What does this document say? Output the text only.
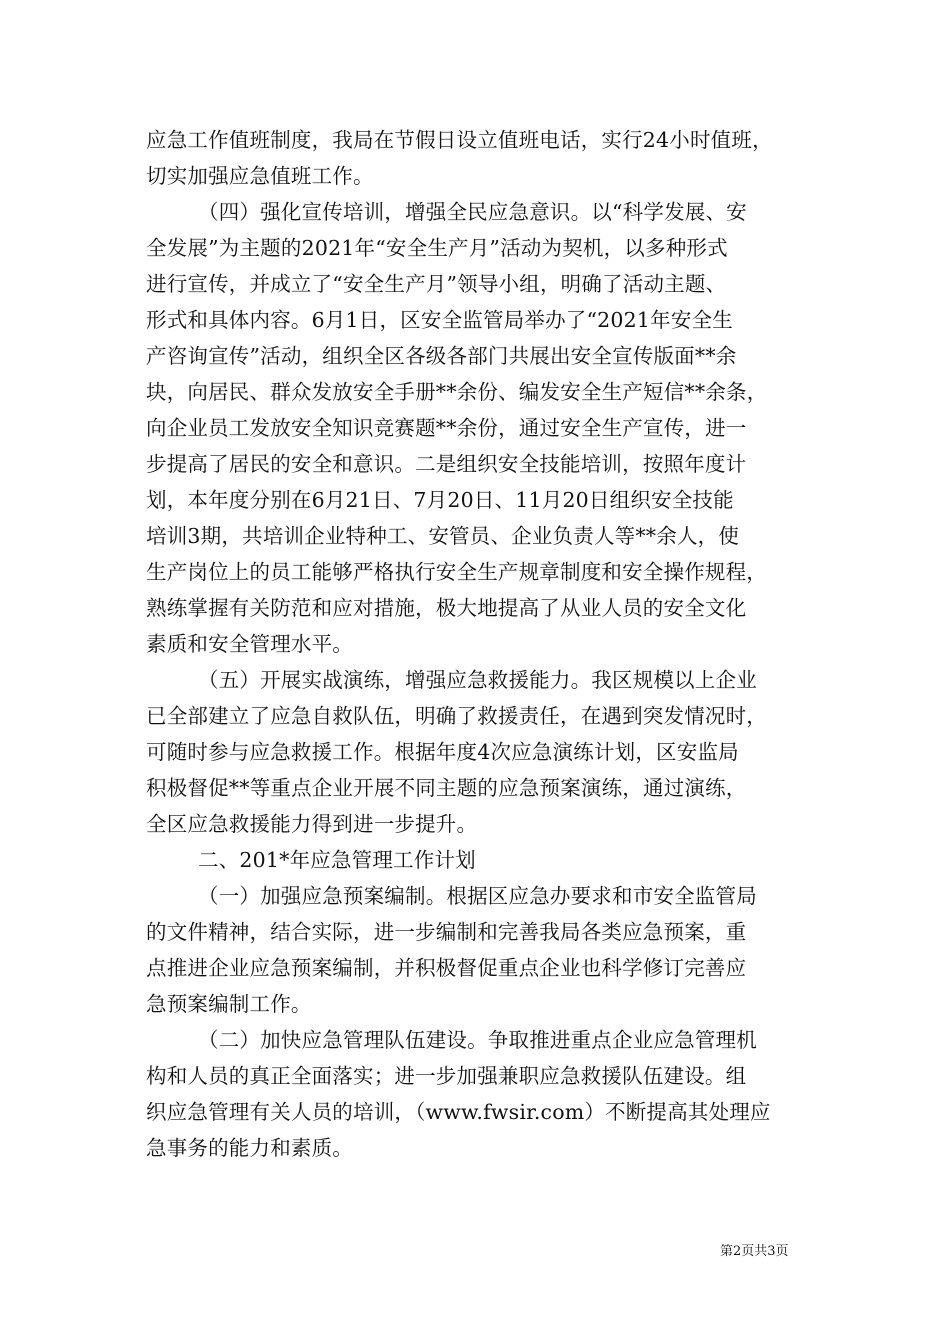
应急工作值班制度，我局在节假日设立值班电话，实行24小时值班，
切实加强应急值班工作。
（四）强化宣传培训，增强全民应急意识。以“科学发展、安
全发展”为主题的2021年“安全生产月”活动为契机，以多种形式
进行宣传，并成立了“安全生产月”领导小组，明确了活动主题、
形式和具体内容。6月1日，区安全监管局举办了“2021年安全生
产咨询宣传”活动，组织全区各级各部门共展出安全宣传版面**余
块，向居民、群众发放安全手册**余份、编发安全生产短信**余条，
向企业员工发放安全知识竞赛题**余份，通过安全生产宣传，进一
步提高了居民的安全和意识。二是组织安全技能培训，按照年度计
划，本年度分别在6月21日、7月20日、11月20日组织安全技能
培训3期，共培训企业特种工、安管员、企业负责人等**余人，使
生产岗位上的员工能够严格执行安全生产规章制度和安全操作规程，
熟练掌握有关防范和应对措施，极大地提高了从业人员的安全文化
素质和安全管理水平。
（五）开展实战演练，增强应急救援能力。我区规模以上企业
已全部建立了应急自救队伍，明确了救援责任，在遇到突发情况时，
可随时参与应急救援工作。根据年度4次应急演练计划，区安监局
积极督促**等重点企业开展不同主题的应急预案演练，通过演练，
全区应急救援能力得到进一步提升。
二、201*年应急管理工作计划
（一）加强应急预案编制。根据区应急办要求和市安全监管局
的文件精神，结合实际，进一步编制和完善我局各类应急预案，重
点推进企业应急预案编制，并积极督促重点企业也科学修订完善应
急预案编制工作。
（二）加快应急管理队伍建设。争取推进重点企业应急管理机
构和人员的真正全面落实；进一步加强兼职应急救援队伍建设。组
织应急管理有关人员的培训，（www.fwsir.com）不断提高其处理应
急事务的能力和素质。
第2页共3页
